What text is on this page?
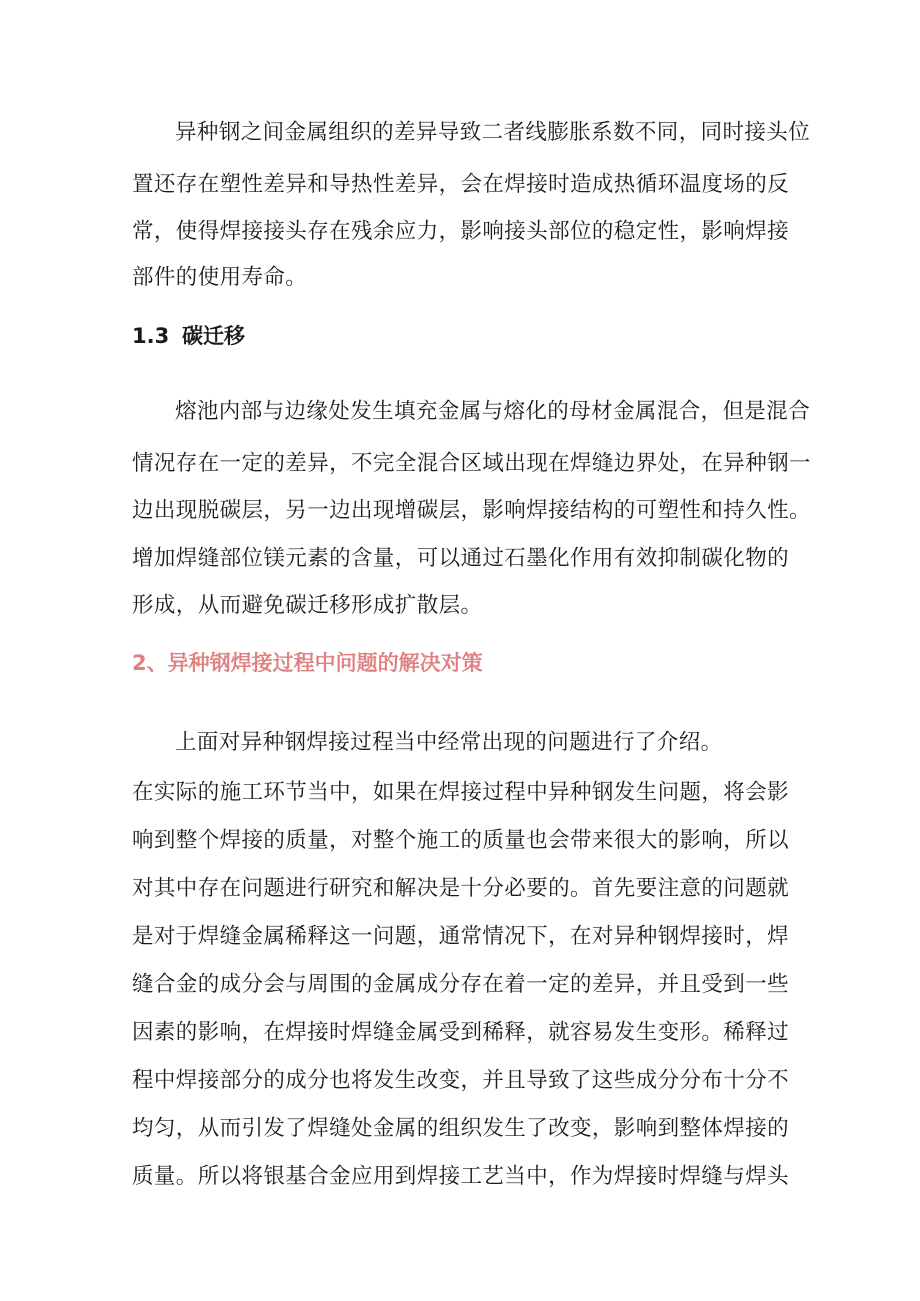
异种钢之间金属组织的差异导致二者线膨胀系数不同，同时接头位
置还存在塑性差异和导热性差异，会在焊接时造成热循环温度场的反
常，使得焊接接头存在残余应力，影响接头部位的稳定性，影响焊接
部件的使用寿命。
1.3 碳迁移
熔池内部与边缘处发生填充金属与熔化的母材金属混合，但是混合
情况存在一定的差异，不完全混合区域出现在焊缝边界处，在异种钢一
边出现脱碳层，另一边出现增碳层，影响焊接结构的可塑性和持久性。
增加焊缝部位镁元素的含量，可以通过石墨化作用有效抑制碳化物的
形成，从而避免碳迁移形成扩散层。
2、异种钢焊接过程中问题的解决对策
上面对异种钢焊接过程当中经常出现的问题进行了介绍。
在实际的施工环节当中，如果在焊接过程中异种钢发生问题，将会影
响到整个焊接的质量，对整个施工的质量也会带来很大的影响，所以
对其中存在问题进行研究和解决是十分必要的。首先要注意的问题就
是对于焊缝金属稀释这一问题，通常情况下，在对异种钢焊接时，焊
缝合金的成分会与周围的金属成分存在着一定的差异，并且受到一些
因素的影响，在焊接时焊缝金属受到稀释，就容易发生变形。稀释过
程中焊接部分的成分也将发生改变，并且导致了这些成分分布十分不
均匀，从而引发了焊缝处金属的组织发生了改变，影响到整体焊接的
质量。所以将银基合金应用到焊接工艺当中，作为焊接时焊缝与焊头
